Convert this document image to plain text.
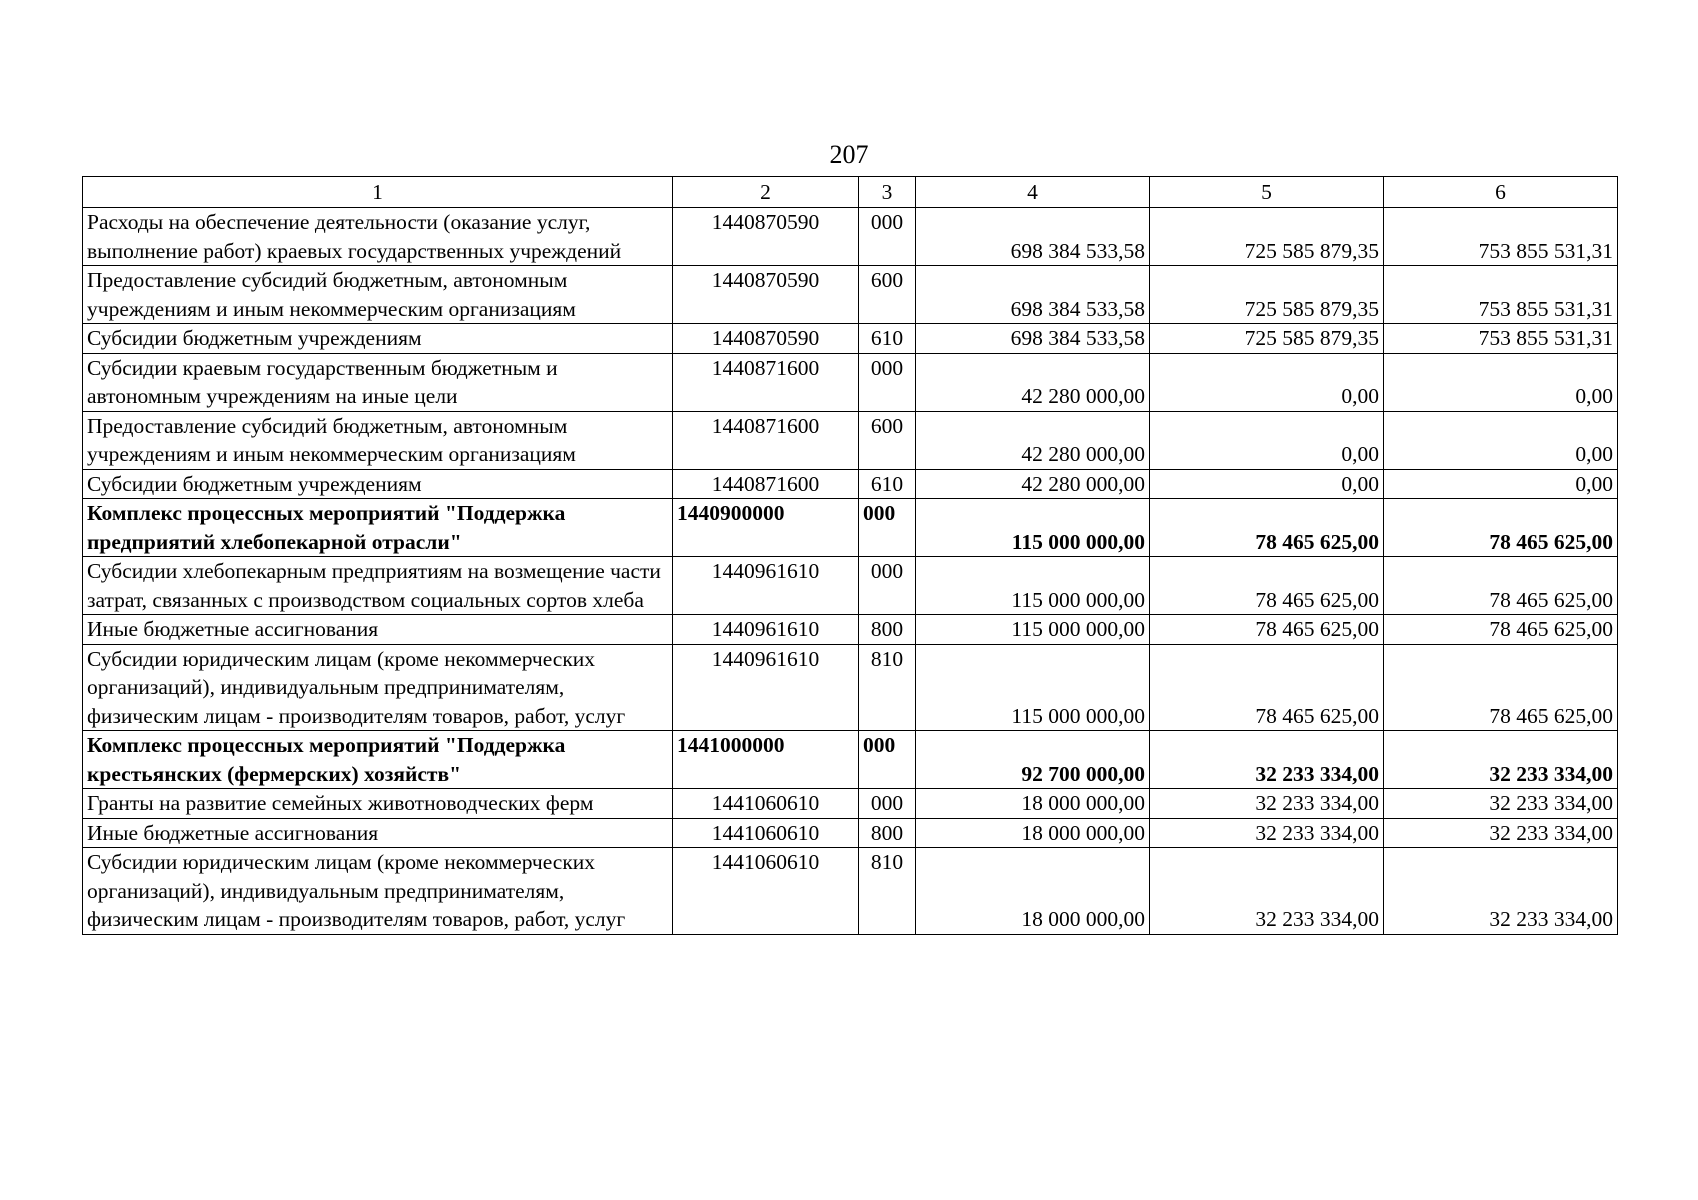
207
1	2	3	4	5	6
Расходы на обеспечение деятельности (оказание услуг, выполнение работ) краевых государственных учреждений	1440870590	000	698 384 533,58	725 585 879,35	753 855 531,31
Предоставление субсидий бюджетным, автономным учреждениям и иным некоммерческим организациям	1440870590	600	698 384 533,58	725 585 879,35	753 855 531,31
Субсидии бюджетным учреждениям	1440870590	610	698 384 533,58	725 585 879,35	753 855 531,31
Субсидии краевым государственным бюджетным и автономным учреждениям на иные цели	1440871600	000	42 280 000,00	0,00	0,00
Предоставление субсидий бюджетным, автономным учреждениям и иным некоммерческим организациям	1440871600	600	42 280 000,00	0,00	0,00
Субсидии бюджетным учреждениям	1440871600	610	42 280 000,00	0,00	0,00
Комплекс процессных мероприятий "Поддержка предприятий хлебопекарной отрасли"	1440900000	000	115 000 000,00	78 465 625,00	78 465 625,00
Субсидии хлебопекарным предприятиям на возмещение части затрат, связанных с производством социальных сортов хлеба	1440961610	000	115 000 000,00	78 465 625,00	78 465 625,00
Иные бюджетные ассигнования	1440961610	800	115 000 000,00	78 465 625,00	78 465 625,00
Субсидии юридическим лицам (кроме некоммерческих организаций), индивидуальным предпринимателям, физическим лицам - производителям товаров, работ, услуг	1440961610	810	115 000 000,00	78 465 625,00	78 465 625,00
Комплекс процессных мероприятий "Поддержка крестьянских (фермерских) хозяйств"	1441000000	000	92 700 000,00	32 233 334,00	32 233 334,00
Гранты на развитие семейных животноводческих ферм	1441060610	000	18 000 000,00	32 233 334,00	32 233 334,00
Иные бюджетные ассигнования	1441060610	800	18 000 000,00	32 233 334,00	32 233 334,00
Субсидии юридическим лицам (кроме некоммерческих организаций), индивидуальным предпринимателям, физическим лицам - производителям товаров, работ, услуг	1441060610	810	18 000 000,00	32 233 334,00	32 233 334,00
